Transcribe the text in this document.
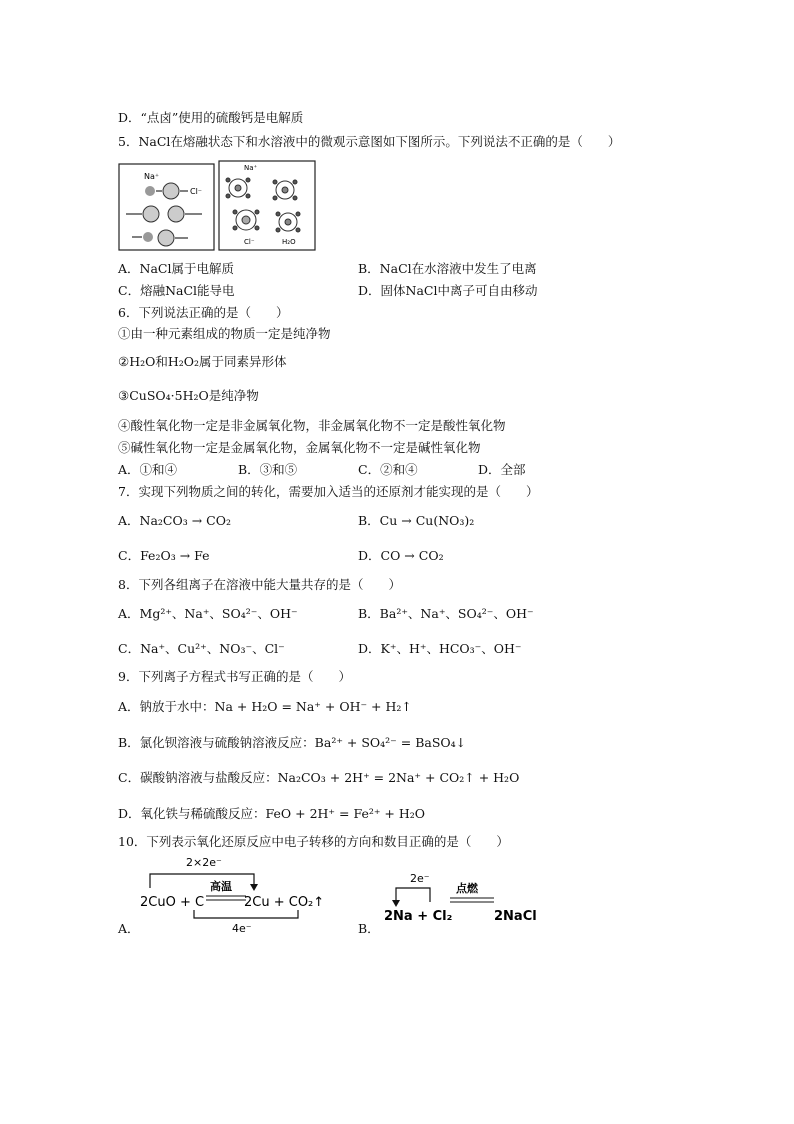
D．“点卤”使用的硫酸钙是电解质
5．NaCl在熔融状态下和水溶液中的微观示意图如下图所示。下列说法不正确的是（　　）
Na⁺
Cl⁻
Na⁺
Cl⁻	H₂O
A．NaCl属于电解质	B．NaCl在水溶液中发生了电离
C．熔融NaCl能导电	D．固体NaCl中离子可自由移动
6．下列说法正确的是（　　）
①由一种元素组成的物质一定是纯净物
②H₂O和H₂O₂属于同素异形体
③CuSO₄·5H₂O是纯净物
④酸性氧化物一定是非金属氧化物，非金属氧化物不一定是酸性氧化物
⑤碱性氧化物一定是金属氧化物，金属氧化物不一定是碱性氧化物
A．①和④	B．③和⑤	C．②和④	D．全部
7．实现下列物质之间的转化，需要加入适当的还原剂才能实现的是（　　）
A．Na₂CO₃ → CO₂	B．Cu → Cu(NO₃)₂
C．Fe₂O₃ → Fe	D．CO → CO₂
8．下列各组离子在溶液中能大量共存的是（　　）
A．Mg²⁺、Na⁺、SO₄²⁻、OH⁻	B．Ba²⁺、Na⁺、SO₄²⁻、OH⁻
C．Na⁺、Cu²⁺、NO₃⁻、Cl⁻	D．K⁺、H⁺、HCO₃⁻、OH⁻
9．下列离子方程式书写正确的是（　　）
A．钠放于水中：Na + H₂O = Na⁺ + OH⁻ + H₂↑
B．氯化钡溶液与硫酸钠溶液反应：Ba²⁺ + SO₄²⁻ = BaSO₄↓
C．碳酸钠溶液与盐酸反应：Na₂CO₃ + 2H⁺ = 2Na⁺ + CO₂↑ + H₂O
D．氧化铁与稀硫酸反应：FeO + 2H⁺ = Fe²⁺ + H₂O
10．下列表示氧化还原反应中电子转移的方向和数目正确的是（　　）
2×2e⁻
高温
2CuO + C	2Cu + CO₂↑
4e⁻
A．
2e⁻
点燃
2Na + Cl₂	2NaCl
B．
